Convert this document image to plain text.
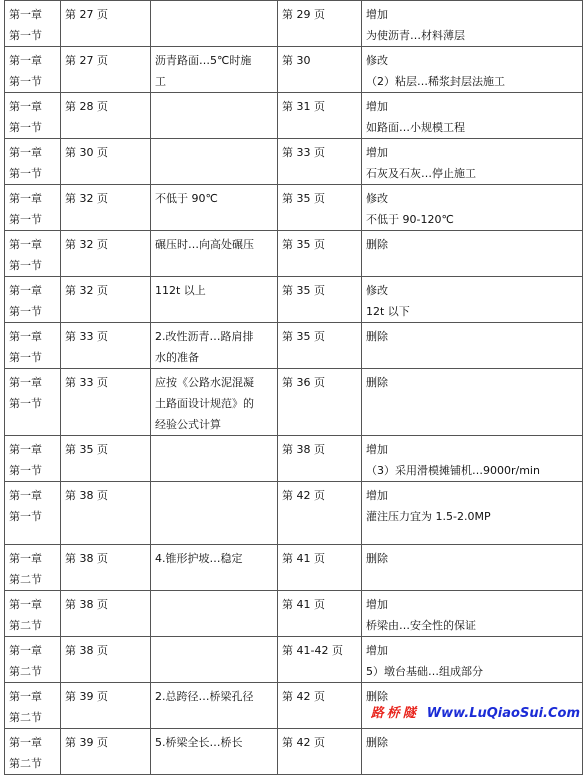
第一章
第一节	第 27 页		第 29 页	增加
为使沥青…材料薄层

第一章
第一节	第 27 页	沥青路面…5℃时施
工	第 30	修改
（2）粘层…稀浆封层法施工

第一章
第一节	第 28 页		第 31 页	增加
如路面…小规模工程

第一章
第一节	第 30 页		第 33 页	增加
石灰及石灰…停止施工

第一章
第一节	第 32 页	不低于 90℃	第 35 页	修改
不低于 90-120℃

第一章
第一节	第 32 页	碾压时…向高处碾压	第 35 页	删除

第一章
第一节	第 32 页	112t 以上	第 35 页	修改
12t 以下

第一章
第一节	第 33 页	2.改性沥青…路肩排
水的准备	第 35 页	删除

第一章
第一节	第 33 页	应按《公路水泥混凝
土路面设计规范》的
经验公式计算	第 36 页	删除

第一章
第一节	第 35 页		第 38 页	增加
（3）采用滑模摊铺机…9000r/min

第一章
第一节	第 38 页		第 42 页	增加
灌注压力宜为 1.5-2.0MP

第一章
第二节	第 38 页	4.锥形护坡…稳定	第 41 页	删除

第一章
第二节	第 38 页		第 41 页	增加
桥梁由…安全性的保证

第一章
第二节	第 38 页		第 41-42 页	增加
5）墩台基础…组成部分

第一章
第二节	第 39 页	2.总跨径…桥梁孔径	第 42 页	删除

第一章
第二节	第 39 页	5.桥梁全长…桥长	第 42 页	删除
路桥隧 Www.LuQiaoSui.Com
